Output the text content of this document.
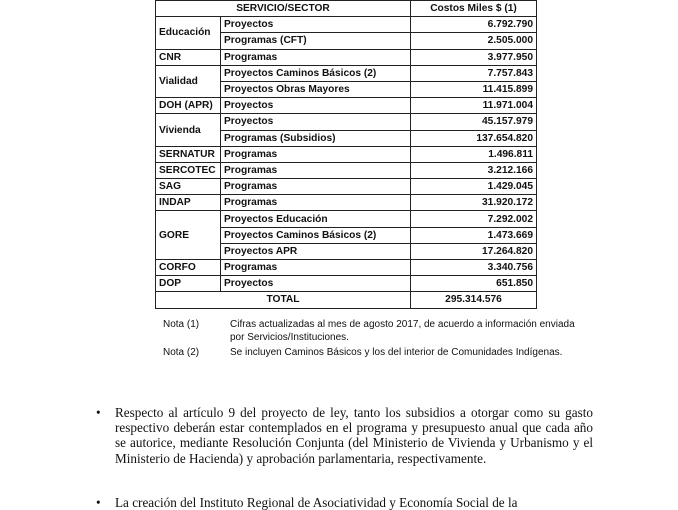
SERVICIO/SECTOR		Costos Miles $ (1)
Educación	Proyectos	6.792.790
	Programas (CFT)	2.505.000
CNR	Programas	3.977.950
Vialidad	Proyectos Caminos Básicos (2)	7.757.843
	Proyectos Obras Mayores	11.415.899
DOH (APR)	Proyectos	11.971.004
Vivienda	Proyectos	45.157.979
	Programas (Subsidios)	137.654.820
SERNATUR	Programas	1.496.811
SERCOTEC	Programas	3.212.166
SAG	Programas	1.429.045
INDAP	Programas	31.920.172
GORE	Proyectos Educación	7.292.002
	Proyectos Caminos Básicos (2)	1.473.669
	Proyectos APR	17.264.820
CORFO	Programas	3.340.756
DOP	Proyectos	651.850
TOTAL		295.314.576
Nota (1)	Cifras actualizadas al mes de agosto 2017, de acuerdo a información enviada por Servicios/Instituciones.
Nota (2)	Se incluyen Caminos Básicos y los del interior de Comunidades Indígenas.
• Respecto al artículo 9 del proyecto de ley, tanto los subsidios a otorgar como su gasto respectivo deberán estar contemplados en el programa y presupuesto anual que cada año se autorice, mediante Resolución Conjunta (del Ministerio de Vivienda y Urbanismo y el Ministerio de Hacienda) y aprobación parlamentaria, respectivamente.
• La creación del Instituto Regional de Asociatividad y Economía Social de la
